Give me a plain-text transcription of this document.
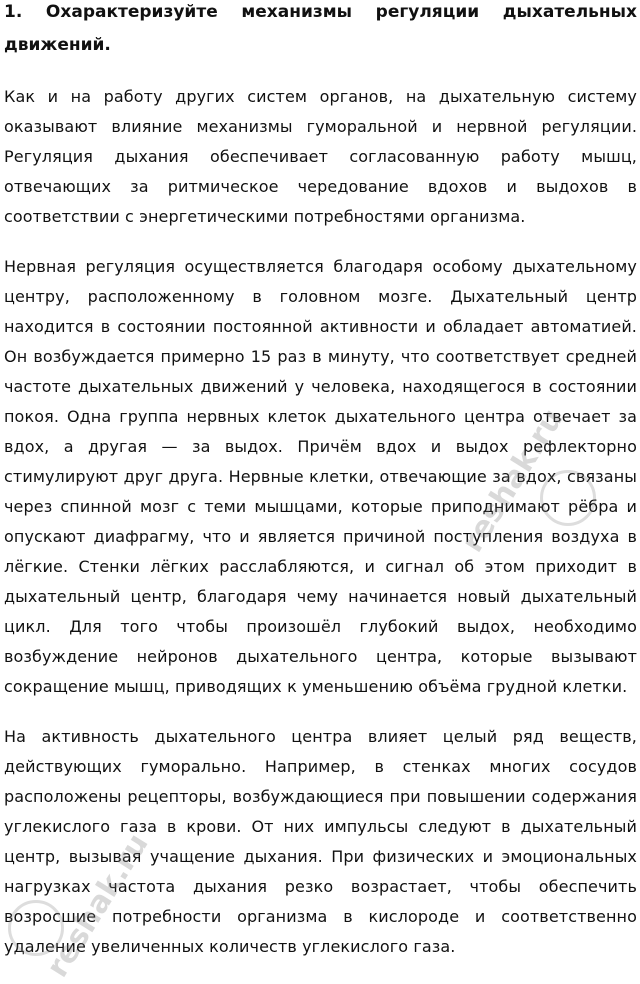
1. Охарактеризуйте механизмы регуляции дыхательных движений.

Как и на работу других систем органов, на дыхательную систему оказывают влияние механизмы гуморальной и нервной регуляции. Регуляция дыхания обеспечивает согласованную работу мышц, отвечающих за ритмическое чередование вдохов и выдохов в соответствии с энергетическими потребностями организма.

Нервная регуляция осуществляется благодаря особому дыхательному центру, расположенному в головном мозге. Дыхательный центр находится в состоянии постоянной активности и обладает автоматией. Он возбуждается примерно 15 раз в минуту, что соответствует средней частоте дыхательных движений у человека, находящегося в состоянии покоя. Одна группа нервных клеток дыхательного центра отвечает за вдох, а другая — за выдох. Причём вдох и выдох рефлекторно стимулируют друг друга. Нервные клетки, отвечающие за вдох, связаны через спинной мозг с теми мышцами, которые приподнимают рёбра и опускают диафрагму, что и является причиной поступления воздуха в лёгкие. Стенки лёгких расслабляются, и сигнал об этом приходит в дыхательный центр, благодаря чему начинается новый дыхательный цикл. Для того чтобы произошёл глубокий выдох, необходимо возбуждение нейронов дыхательного центра, которые вызывают сокращение мышц, приводящих к уменьшению объёма грудной клетки.

На активность дыхательного центра влияет целый ряд веществ, действующих гуморально. Например, в стенках многих сосудов расположены рецепторы, возбуждающиеся при повышении содержания углекислого газа в крови. От них импульсы следуют в дыхательный центр, вызывая учащение дыхания. При физических и эмоциональных нагрузках частота дыхания резко возрастает, чтобы обеспечить возросшие потребности организма в кислороде и соответственно удаление увеличенных количеств углекислого газа.

reshak.ru
reshak.ru
